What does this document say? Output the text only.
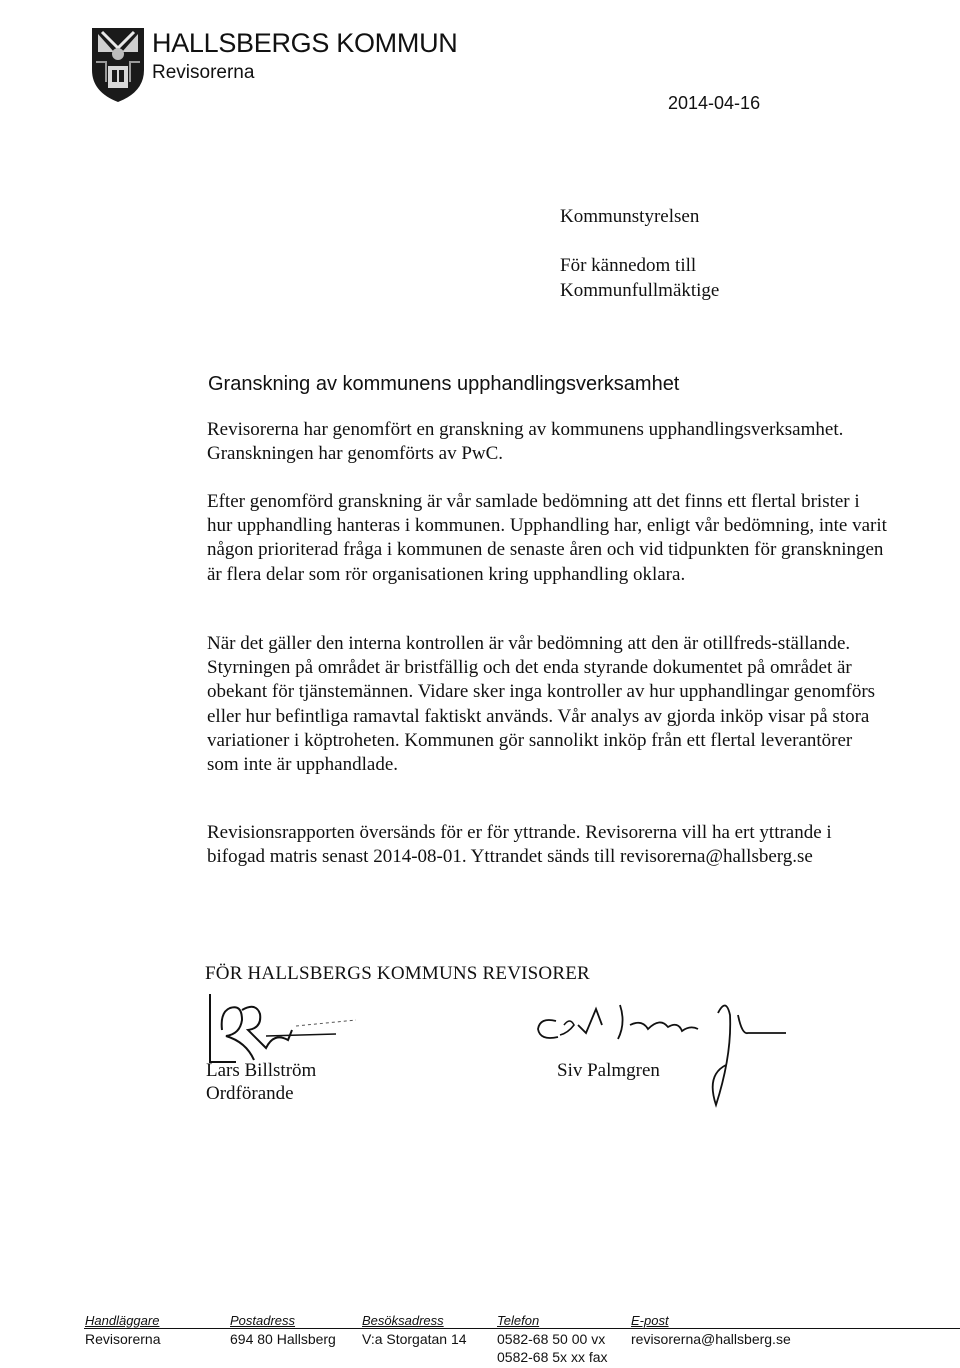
HALLSBERGS KOMMUN
Revisorerna
2014-04-16
Kommunstyrelsen
För kännedom till
Kommunfullmäktige
Granskning av kommunens upphandlingsverksamhet
Revisorerna har genomfört en granskning av kommunens upphandlingsverksamhet. Granskningen har genomförts av PwC.
Efter genomförd granskning är vår samlade bedömning att det finns ett flertal brister i hur upphandling hanteras i kommunen. Upphandling har, enligt vår bedömning, inte varit någon prioriterad fråga i kommunen de senaste åren och vid tidpunkten för granskningen är flera delar som rör organisationen kring upphandling oklara.
När det gäller den interna kontrollen är vår bedömning att den är otillfreds-ställande. Styrningen på området är bristfällig och det enda styrande dokumentet på området är obekant för tjänstemännen. Vidare sker inga kontroller av hur upphandlingar genomförs eller hur befintliga ramavtal faktiskt används. Vår analys av gjorda inköp visar på stora variationer i köptroheten. Kommunen gör sannolikt inköp från ett flertal leverantörer som inte är upphandlade.
Revisionsrapporten översänds för er för yttrande. Revisorerna vill ha ert yttrande i bifogad matris senast 2014-08-01. Yttrandet sänds till revisorerna@hallsberg.se
FÖR HALLSBERGS KOMMUNS REVISORER
Lars Billström
Ordförande
Siv Palmgren
Handläggare
Revisorerna
Postadress
694 80 Hallsberg
Besöksadress
V:a Storgatan 14
Telefon
0582-68 50 00 vx
0582-68 5x xx fax
E-post
revisorerna@hallsberg.se
